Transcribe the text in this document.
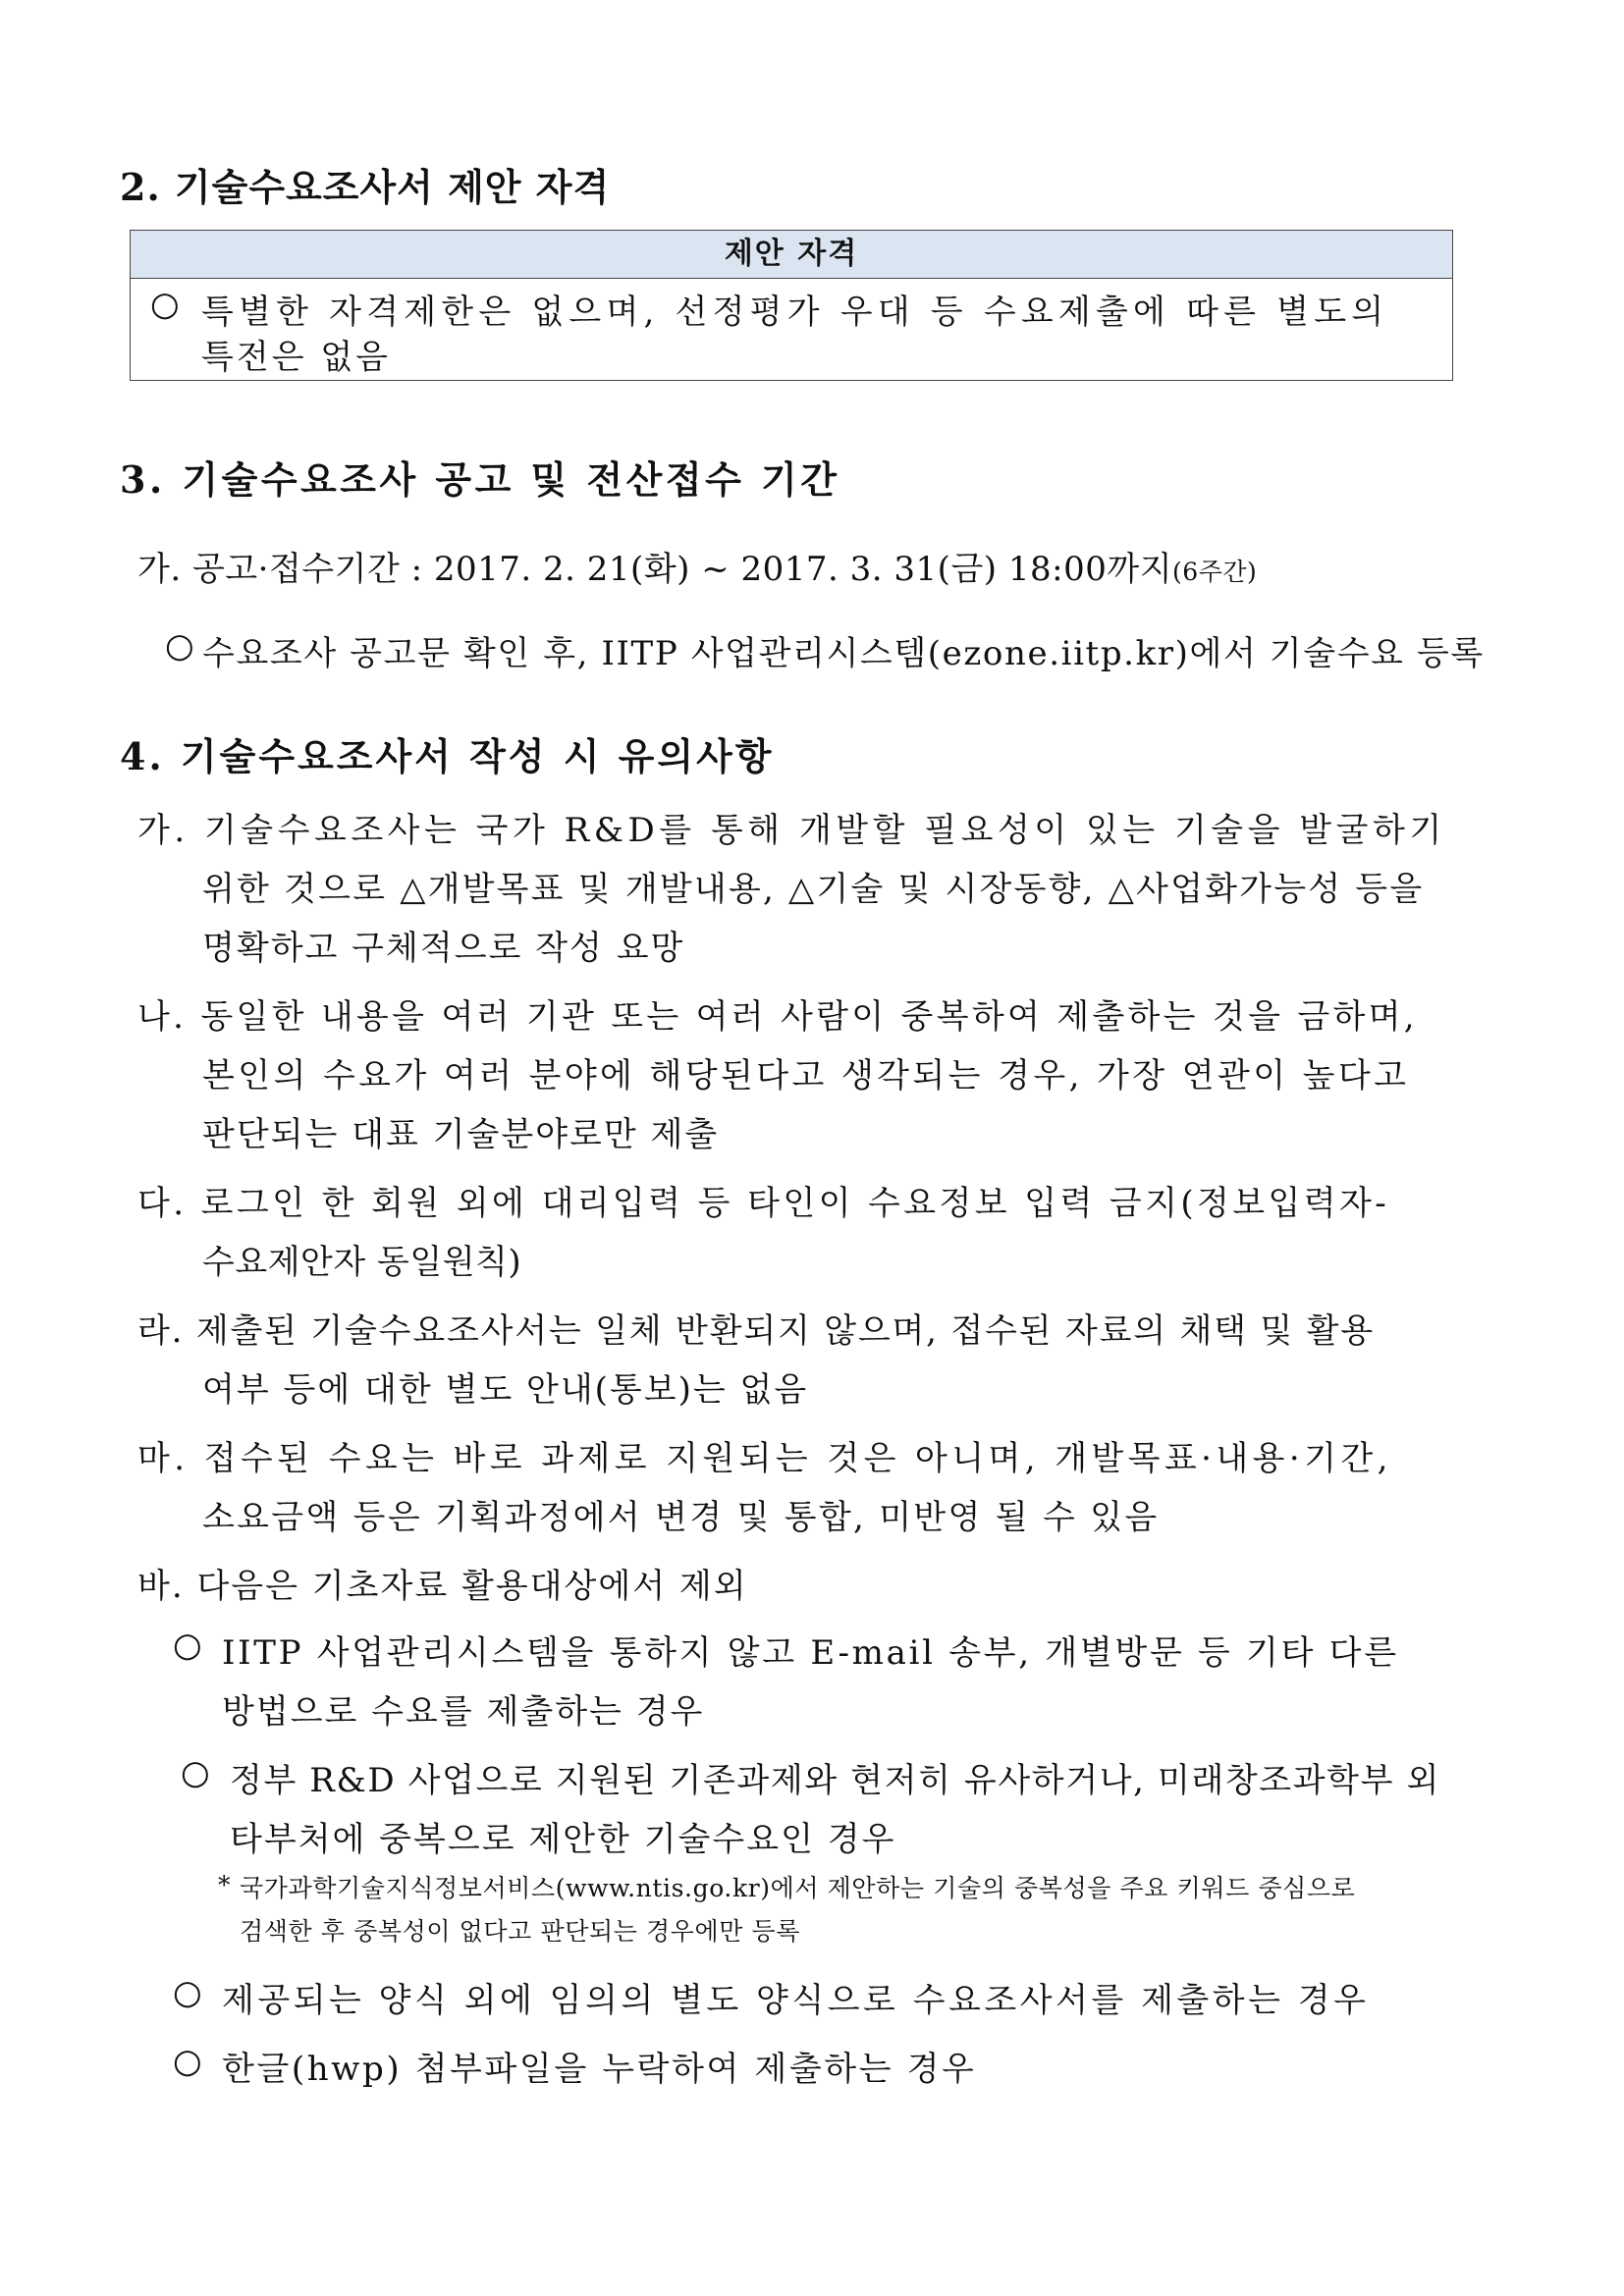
2. 기술수요조사서 제안 자격
제안 자격
○ 특별한 자격제한은 없으며, 선정평가 우대 등 수요제출에 따른 별도의
특전은 없음
3. 기술수요조사 공고 및 전산접수 기간
가. 공고·접수기간 : 2017. 2. 21(화) ~ 2017. 3. 31(금) 18:00까지(6주간)
○ 수요조사 공고문 확인 후, IITP 사업관리시스템(ezone.iitp.kr)에서 기술수요 등록
4. 기술수요조사서 작성 시 유의사항
가. 기술수요조사는 국가 R&D를 통해 개발할 필요성이 있는 기술을 발굴하기
위한 것으로 △개발목표 및 개발내용, △기술 및 시장동향, △사업화가능성 등을
명확하고 구체적으로 작성 요망
나. 동일한 내용을 여러 기관 또는 여러 사람이 중복하여 제출하는 것을 금하며,
본인의 수요가 여러 분야에 해당된다고 생각되는 경우, 가장 연관이 높다고
판단되는 대표 기술분야로만 제출
다. 로그인 한 회원 외에 대리입력 등 타인이 수요정보 입력 금지(정보입력자-
수요제안자 동일원칙)
라. 제출된 기술수요조사서는 일체 반환되지 않으며, 접수된 자료의 채택 및 활용
여부 등에 대한 별도 안내(통보)는 없음
마. 접수된 수요는 바로 과제로 지원되는 것은 아니며, 개발목표·내용·기간,
소요금액 등은 기획과정에서 변경 및 통합, 미반영 될 수 있음
바. 다음은 기초자료 활용대상에서 제외
○ IITP 사업관리시스템을 통하지 않고 E-mail 송부, 개별방문 등 기타 다른
방법으로 수요를 제출하는 경우
○ 정부 R&D 사업으로 지원된 기존과제와 현저히 유사하거나, 미래창조과학부 외
타부처에 중복으로 제안한 기술수요인 경우
* 국가과학기술지식정보서비스(www.ntis.go.kr)에서 제안하는 기술의 중복성을 주요 키워드 중심으로
검색한 후 중복성이 없다고 판단되는 경우에만 등록
○ 제공되는 양식 외에 임의의 별도 양식으로 수요조사서를 제출하는 경우
○ 한글(hwp) 첨부파일을 누락하여 제출하는 경우
